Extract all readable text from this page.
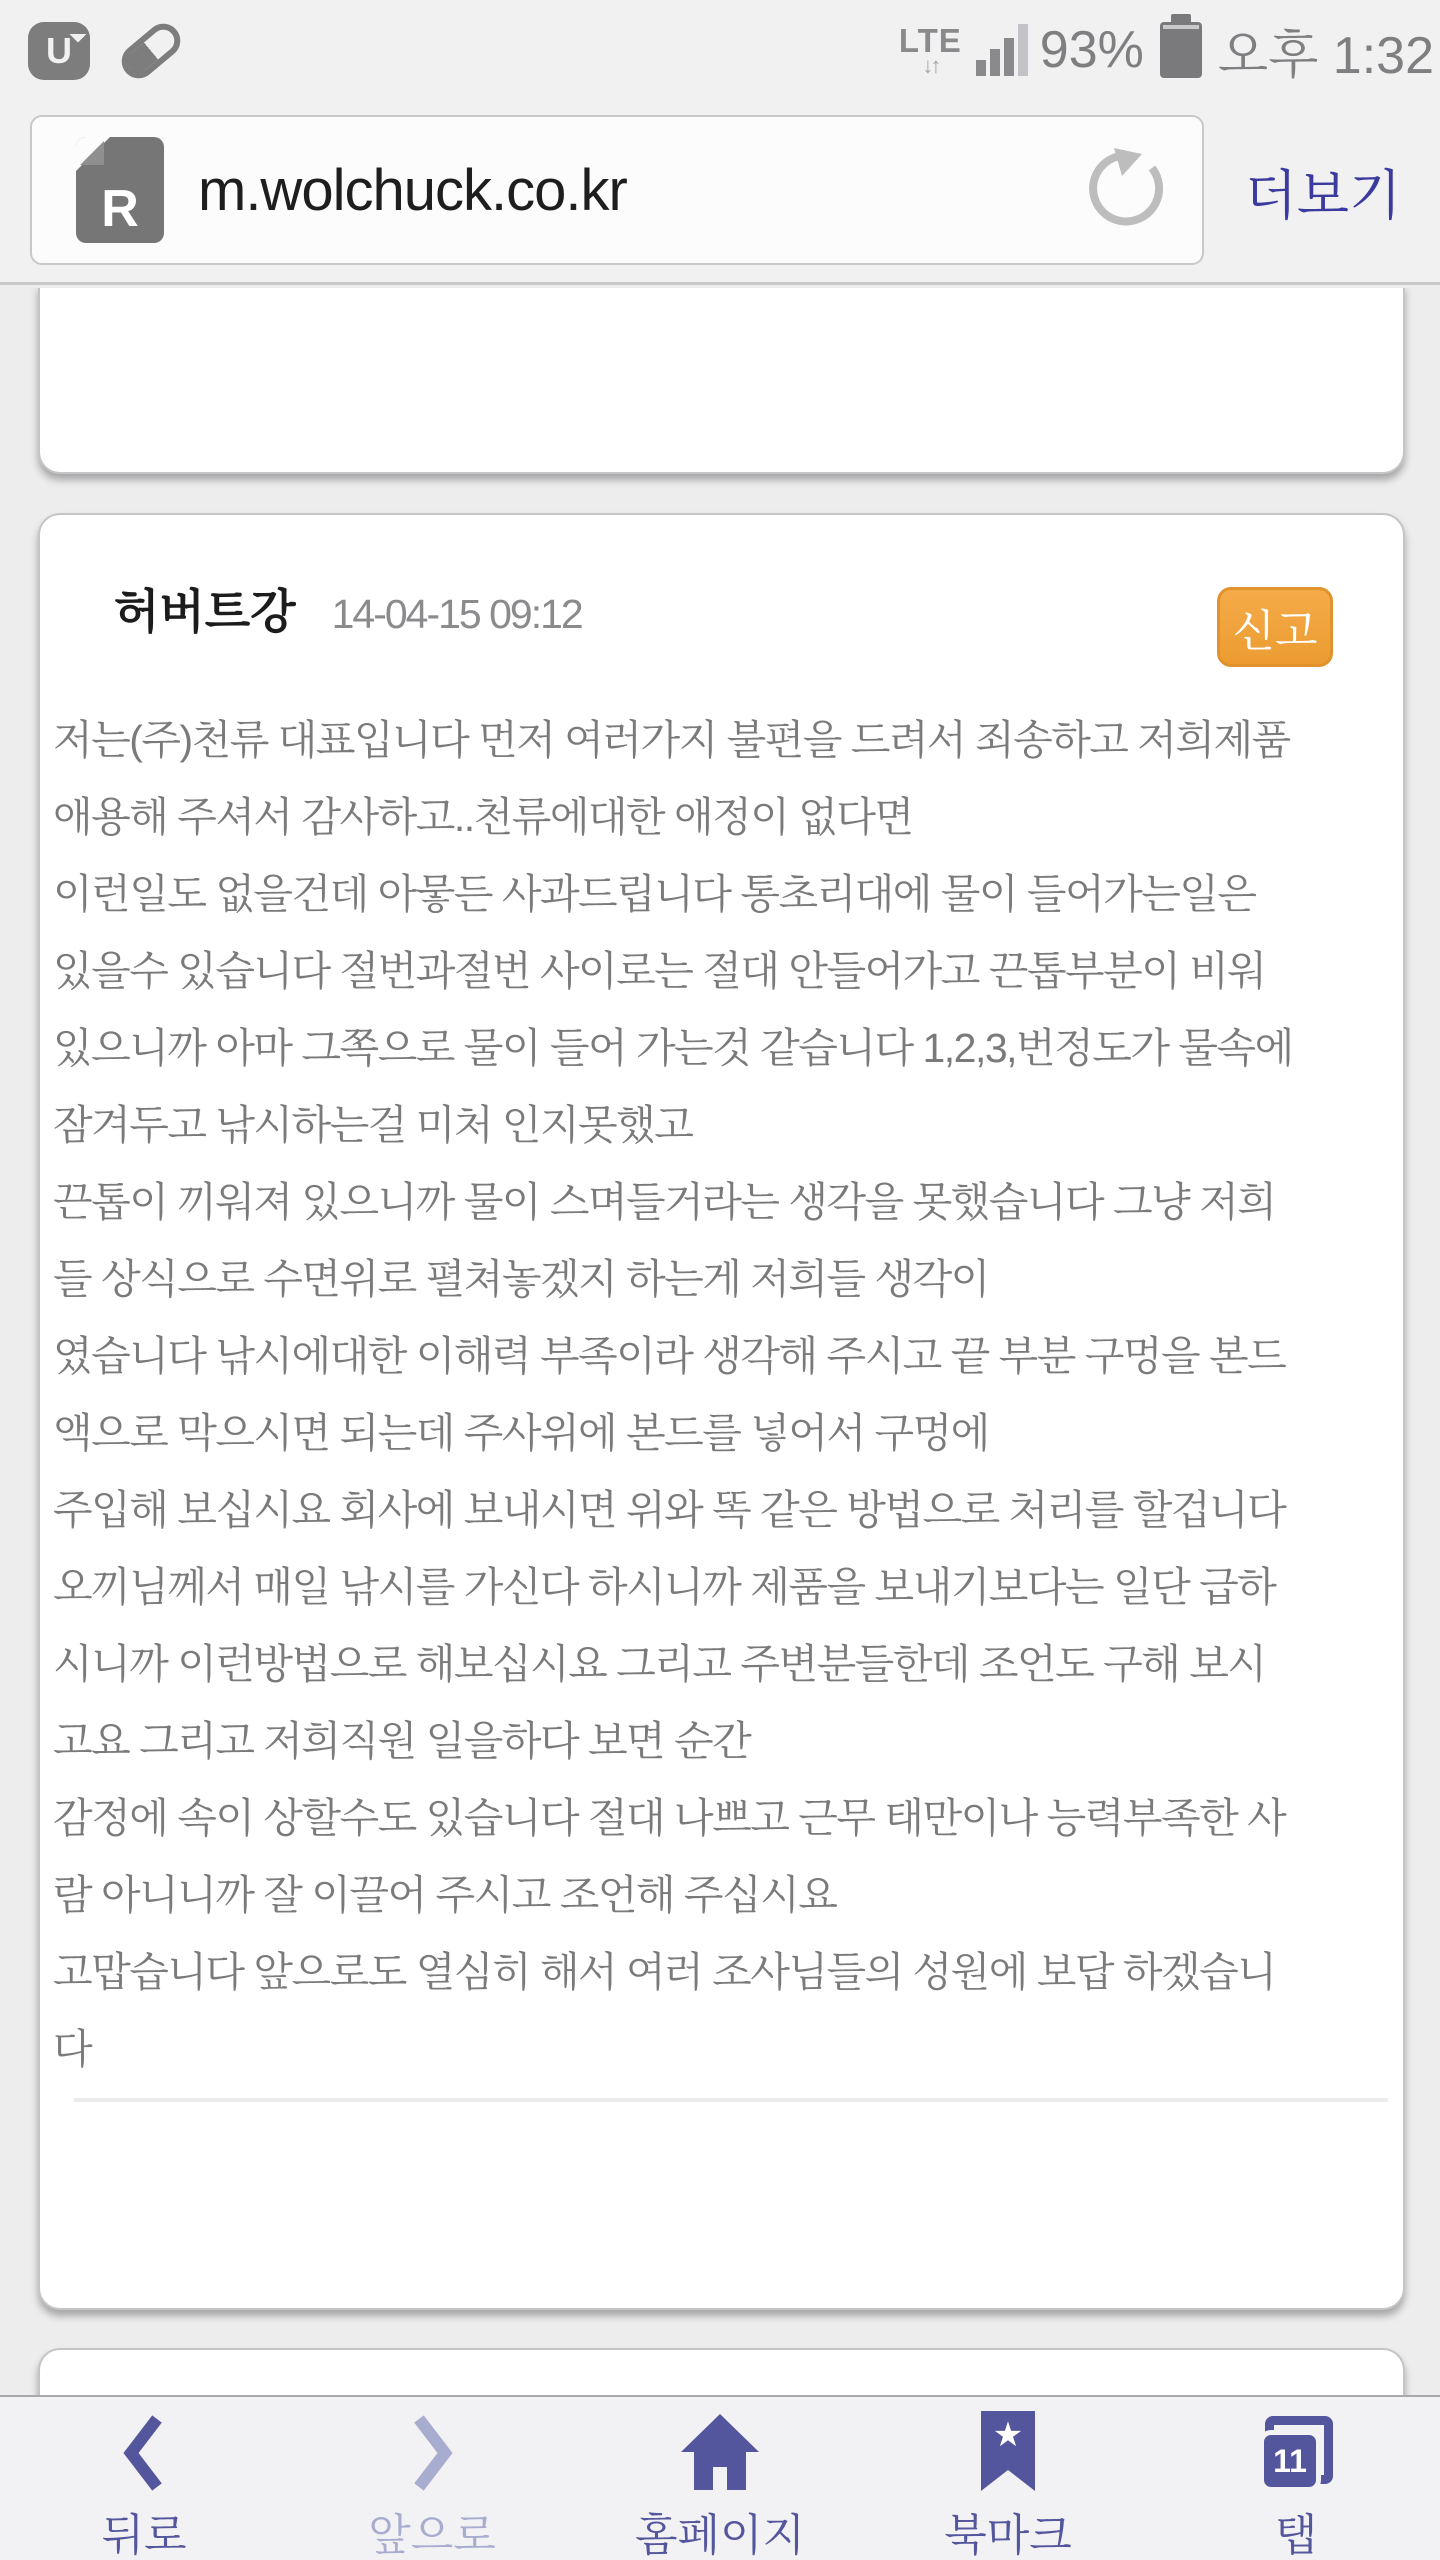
U	LTE
↓↑ 93% 오후 1:32
R	m.wolchuck.co.kr	더보기
허버트강 14-04-15 09:12	신고
저는(주)천류 대표입니다 먼저 여러가지 불편을 드려서 죄송하고 저희제품
애용해 주셔서 감사하고..천류에대한 애정이 없다면
이런일도 없을건데 아뭏든 사과드립니다 통초리대에 물이 들어가는일은
있을수 있습니다 절번과절번 사이로는 절대 안들어가고 끈톱부분이 비워
있으니까 아마 그쪽으로 물이 들어 가는것 같습니다 1,2,3,번정도가 물속에
잠겨두고 낚시하는걸 미처 인지못했고
끈톱이 끼워져 있으니까 물이 스며들거라는 생각을 못했습니다 그냥 저희
들 상식으로 수면위로 펼쳐놓겠지 하는게 저희들 생각이
였습니다 낚시에대한 이해력 부족이라 생각해 주시고 끝 부분 구멍을 본드
액으로 막으시면 되는데 주사위에 본드를 넣어서 구멍에
주입해 보십시요 회사에 보내시면 위와 똑 같은 방법으로 처리를 할겁니다
오끼님께서 매일 낚시를 가신다 하시니까 제품을 보내기보다는 일단 급하
시니까 이런방법으로 해보십시요 그리고 주변분들한데 조언도 구해 보시
고요 그리고 저희직원 일을하다 보면 순간
감정에 속이 상할수도 있습니다 절대 나쁘고 근무 태만이나 능력부족한 사
람 아니니까 잘 이끌어 주시고 조언해 주십시요
고맙습니다 앞으로도 열심히 해서 여러 조사님들의 성원에 보답 하겠습니
다
뒤로	앞으로	홈페이지
★
북마크
11
탭
